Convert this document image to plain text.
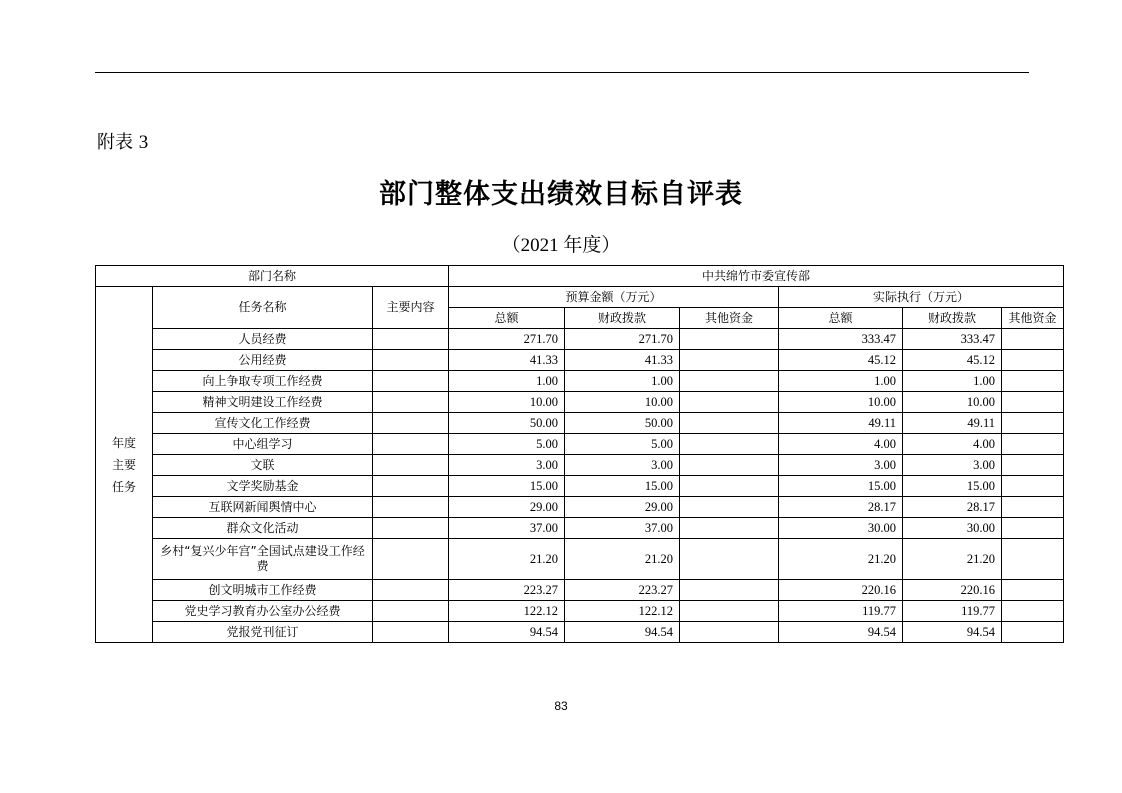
附表 3
部门整体支出绩效目标自评表
（2021 年度）
部门名称			中共绵竹市委宣传部					

年度
主要
任务	任务名称	主要内容	预算金额（万元）			实际执行（万元）		
			总额	财政拨款	其他资金	总额	财政拨款	其他资金
	人员经费		271.70	271.70		333.47	333.47	
	公用经费		41.33	41.33		45.12	45.12	
	向上争取专项工作经费		1.00	1.00		1.00	1.00	
	精神文明建设工作经费		10.00	10.00		10.00	10.00	
	宣传文化工作经费		50.00	50.00		49.11	49.11	
	中心组学习		5.00	5.00		4.00	4.00	
	文联		3.00	3.00		3.00	3.00	
	文学奖励基金		15.00	15.00		15.00	15.00	
	互联网新闻舆情中心		29.00	29.00		28.17	28.17	
	群众文化活动		37.00	37.00		30.00	30.00	
	乡村“复兴少年宫”全国试点建设工作经费		21.20	21.20		21.20	21.20	
	创文明城市工作经费		223.27	223.27		220.16	220.16	
	党史学习教育办公室办公经费		122.12	122.12		119.77	119.77	
	党报党刊征订		94.54	94.54		94.54	94.54	
83
